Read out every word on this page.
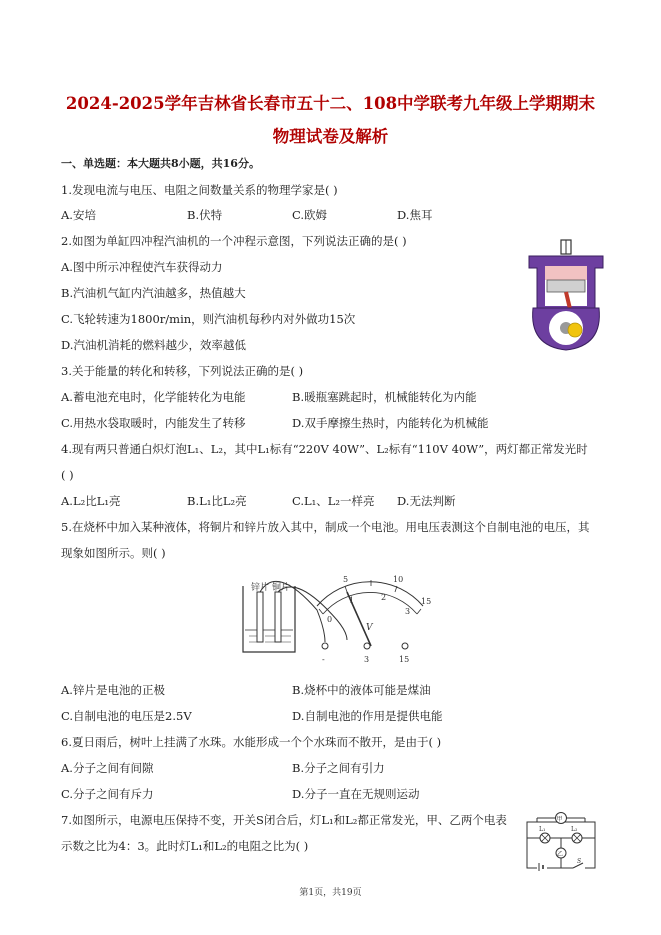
2024-2025学年吉林省长春市五十二、108中学联考九年级上学期期末
物理试卷及解析
一、单选题：本大题共8小题，共16分。
1.发现电流与电压、电阻之间数量关系的物理学家是( )
A.安培	B.伏特	C.欧姆	D.焦耳
2.如图为单缸四冲程汽油机的一个冲程示意图，下列说法正确的是( )
A.图中所示冲程使汽车获得动力
B.汽油机气缸内汽油越多，热值越大
C.飞轮转速为1800r/min，则汽油机每秒内对外做功15次
D.汽油机消耗的燃料越少，效率越低
3.关于能量的转化和转移，下列说法正确的是( )
A.蓄电池充电时，化学能转化为电能	B.暖瓶塞跳起时，机械能转化为内能
C.用热水袋取暖时，内能发生了转移	D.双手摩擦生热时，内能转化为机械能
4.现有两只普通白炽灯泡L₁、L₂，其中L₁标有“220V 40W”、L₂标有“110V 40W”，两灯都正常发光时
( )
A.L₂比L₁亮	B.L₁比L₂亮	C.L₁、L₂一样亮 D.无法判断
5.在烧杯中加入某种液体，将铜片和锌片放入其中，制成一个电池。用电压表测这个自制电池的电压，其
现象如图所示。则( )
锌片 铜片
5	10
15
0
1	2
3
V
-	3	15
A.锌片是电池的正极	B.烧杯中的液体可能是煤油
C.自制电池的电压是2.5V	D.自制电池的作用是提供电能
6.夏日雨后，树叶上挂满了水珠。水能形成一个个水珠而不散开，是由于( )
A.分子之间有间隙	B.分子之间有引力
C.分子之间有斥力	D.分子一直在无规则运动
7.如图所示，电源电压保持不变，开关S闭合后，灯L₁和L₂都正常发光，甲、乙两个电表
示数之比为4：3。此时灯L₁和L₂的电阻之比为( )
甲
L₁	L₂
乙
S
第1页，共19页
